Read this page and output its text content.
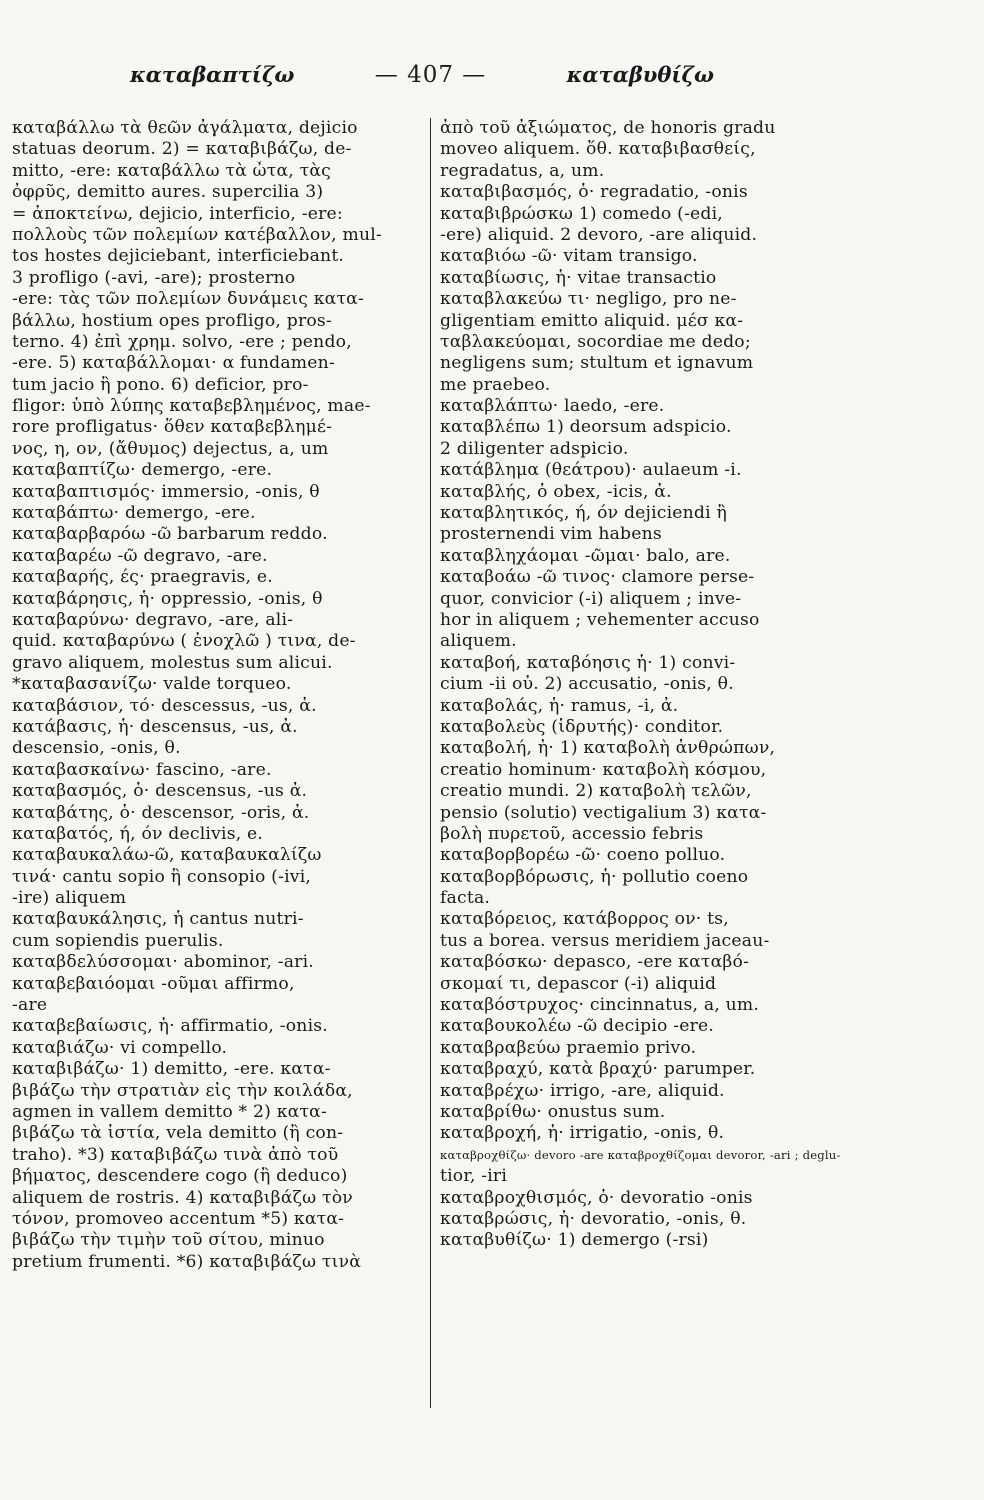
καταβαπτίζω	— 407 —	καταβυθίζω
καταβάλλω τὰ θεῶν ἀγάλματα, dejicio
statuas deorum. 2) = καταβιβάζω, de-
mitto, -ere: καταβάλλω τὰ ὦτα, τὰς
ὀφρῦς, demitto aures. supercilia 3)
= ἀποκτείνω, dejicio, interficio, -ere:
πολλοὺς τῶν πολεμίων κατέβαλλον, mul-
tos hostes dejiciebant, interficiebant.
3 profligo (-avi, -are); prosterno
-ere: τὰς τῶν πολεμίων δυνάμεις κατα-
βάλλω, hostium opes profligo, pros-
terno. 4) ἐπὶ χρημ. solvo, -ere ; pendo,
-ere. 5) καταβάλλομαι· α fundamen-
tum jacio ἢ pono. 6) deficior, pro-
fligor: ὑπὸ λύπης καταβεβλημένος, mae-
rore profligatus· ὅθεν καταβεβλημέ-
νος, η, ον, (ἄθυμος) dejectus, a, um
καταβαπτίζω· demergo, -ere.
καταβαπτισμός· immersio, -onis, θ
καταβάπτω· demergo, -ere.
καταβαρβαρόω -ῶ barbarum reddo.
καταβαρέω -ῶ degravo, -are.
καταβαρής, ές· praegravis, e.
καταβάρησις, ἡ· oppressio, -onis, θ
καταβαρύνω· degravo, -are, ali-
quid. καταβαρύνω ( ἐνοχλῶ ) τινα, de-
gravo aliquem, molestus sum alicui.
*καταβασανίζω· valde torqueo.
καταβάσιον, τό· descessus, -us, ἀ.
κατάβασις, ἡ· descensus, -us, ἀ.
descensio, -onis, θ.
καταβασκαίνω· fascino, -are.
καταβασμός, ὁ· descensus, -us ἀ.
καταβάτης, ὁ· descensor, -oris, ἀ.
καταβατός, ή, όν declivis, e.
καταβαυκαλάω-ῶ, καταβαυκαλίζω
τινά· cantu sopio ἢ consopio (-ivi,
-ire) aliquem
καταβαυκάλησις, ἡ cantus nutri-
cum sopiendis puerulis.
καταβδελύσσομαι· abominor, -ari.
καταβεβαιόομαι -οῦμαι affirmo,
-are
καταβεβαίωσις, ἡ· affirmatio, -onis.
καταβιάζω· vi compello.
καταβιβάζω· 1) demitto, -ere. κατα-
βιβάζω τὴν στρατιὰν εἰς τὴν κοιλάδα,
agmen in vallem demitto * 2) κατα-
βιβάζω τὰ ἱστία, vela demitto (ἢ con-
traho). *3) καταβιβάζω τινὰ ἀπὸ τοῦ
βήματος, descendere cogo (ἢ deduco)
aliquem de rostris. 4) καταβιβάζω τὸν
τόνον, promoveo accentum *5) κατα-
βιβάζω τὴν τιμὴν τοῦ σίτου, minuo
pretium frumenti. *6) καταβιβάζω τινὰ
ἀπὸ τοῦ ἀξιώματος, de honoris gradu
moveo aliquem. ὅθ. καταβιβασθείς,
regradatus, a, um.
καταβιβασμός, ὁ· regradatio, -onis
καταβιβρώσκω 1) comedo (-edi,
-ere) aliquid. 2 devoro, -are aliquid.
καταβιόω -ῶ· vitam transigo.
καταβίωσις, ἡ· vitae transactio
καταβλακεύω τι· negligo, pro ne-
gligentiam emitto aliquid. μέσ κα-
ταβλακεύομαι, socordiae me dedo;
negligens sum; stultum et ignavum
me praebeo.
καταβλάπτω· laedo, -ere.
καταβλέπω 1) deorsum adspicio.
2 diligenter adspicio.
κατάβλημα (θεάτρου)· aulaeum -i.
καταβλής, ὁ obex, -icis, ἀ.
καταβλητικός, ή, όν dejiciendi ἢ
prosternendi vim habens
καταβληχάομαι -ῶμαι· balo, are.
καταβοάω -ῶ τινος· clamore perse-
quor, convicior (-i) aliquem ; inve-
hor in aliquem ; vehementer accuso
aliquem.
καταβοή, καταβόησις ἡ· 1) convi-
cium -ii οὐ. 2) accusatio, -onis, θ.
καταβολάς, ἡ· ramus, -i, ἀ.
καταβολεὺς (ἱδρυτής)· conditor.
καταβολή, ἡ· 1) καταβολὴ ἀνθρώπων,
creatio hominum· καταβολὴ κόσμου,
creatio mundi. 2) καταβολὴ τελῶν,
pensio (solutio) vectigalium 3) κατα-
βολὴ πυρετοῦ, accessio febris
καταβορβορέω -ῶ· coeno polluo.
καταβορβόρωσις, ἡ· pollutio coeno
facta.
καταβόρειος, κατάβορρος ον· ts,
tus a borea. versus meridiem jaceau-
καταβόσκω· depasco, -ere καταβό-
σκομαί τι, depascor (-i) aliquid
καταβόστρυχος· cincinnatus, a, um.
καταβουκολέω -ῶ decipio -ere.
καταβραβεύω praemio privo.
καταβραχύ, κατὰ βραχύ· parumper.
καταβρέχω· irrigo, -are, aliquid.
καταβρίθω· onustus sum.
καταβροχή, ἡ· irrigatio, -onis, θ.
καταβροχθίζω· devoro -are καταβροχθίζομαι devoror, -ari ; deglu-
tior, -iri
καταβροχθισμός, ὁ· devoratio -onis
καταβρώσις, ἡ· devoratio, -onis, θ.
καταβυθίζω· 1) demergo (-rsi)
